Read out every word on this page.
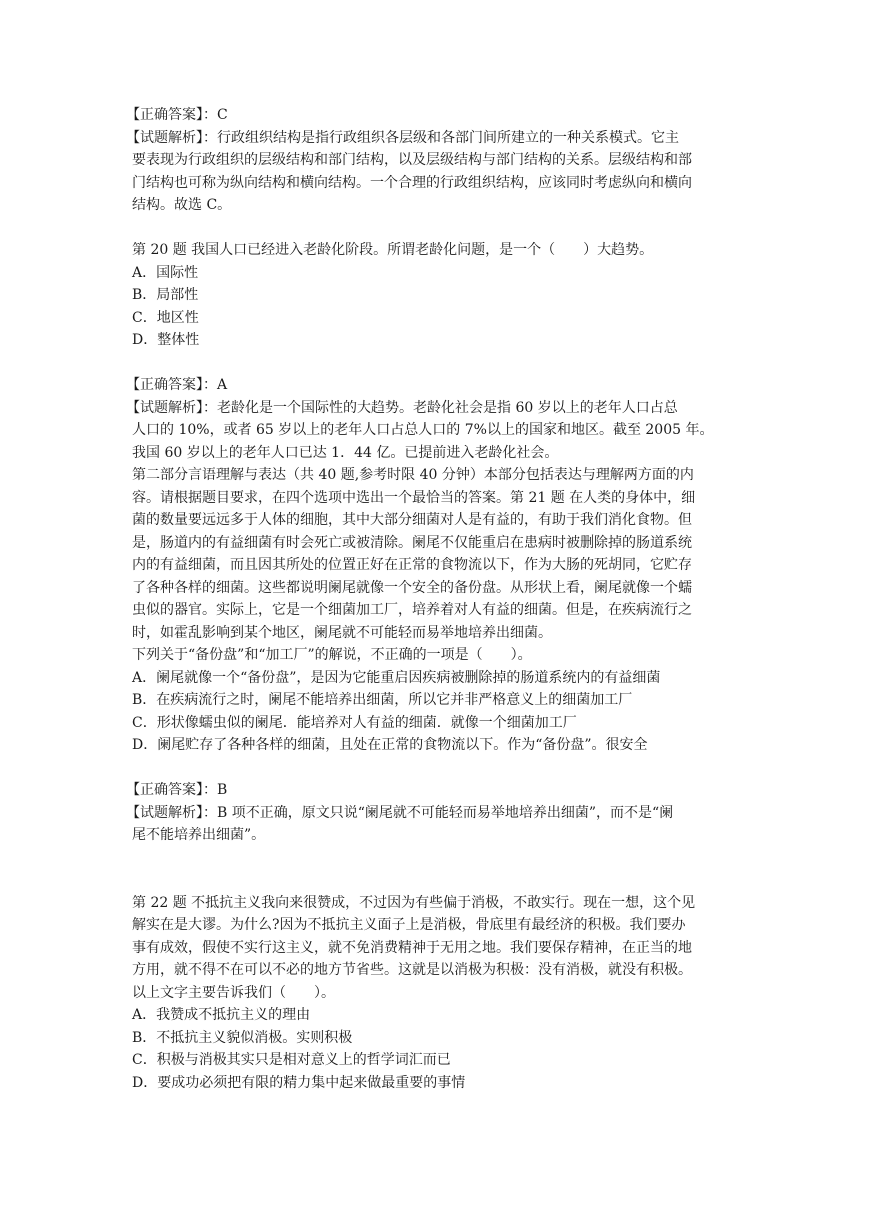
【正确答案】：C
【试题解析】：行政组织结构是指行政组织各层级和各部门间所建立的一种关系模式。它主
要表现为行政组织的层级结构和部门结构，以及层级结构与部门结构的关系。层级结构和部
门结构也可称为纵向结构和横向结构。一个合理的行政组织结构，应该同时考虑纵向和横向
结构。故选 C。
第 20 题 我国人口已经进入老龄化阶段。所谓老龄化问题，是一个（　　）大趋势。
A．国际性
B．局部性
C．地区性
D．整体性
【正确答案】：A
【试题解析】：老龄化是一个国际性的大趋势。老龄化社会是指 60 岁以上的老年人口占总
人口的 10%，或者 65 岁以上的老年人口占总人口的 7%以上的国家和地区。截至 2005 年。
我国 60 岁以上的老年人口已达 1．44 亿。已提前进入老龄化社会。
第二部分言语理解与表达（共 40 题,参考时限 40 分钟）本部分包括表达与理解两方面的内
容。请根据题目要求，在四个选项中选出一个最恰当的答案。第 21 题 在人类的身体中，细
菌的数量要远远多于人体的细胞，其中大部分细菌对人是有益的，有助于我们消化食物。但
是，肠道内的有益细菌有时会死亡或被清除。阑尾不仅能重启在患病时被删除掉的肠道系统
内的有益细菌，而且因其所处的位置正好在正常的食物流以下，作为大肠的死胡同，它贮存
了各种各样的细菌。这些都说明阑尾就像一个安全的备份盘。从形状上看，阑尾就像一个蠕
虫似的器官。实际上，它是一个细菌加工厂，培养着对人有益的细菌。但是，在疾病流行之
时，如霍乱影响到某个地区，阑尾就不可能轻而易举地培养出细菌。
下列关于“备份盘”和“加工厂”的解说，不正确的一项是（　　）。
A．阑尾就像一个“备份盘”，是因为它能重启因疾病被删除掉的肠道系统内的有益细菌
B．在疾病流行之时，阑尾不能培养出细菌，所以它并非严格意义上的细菌加工厂
C．形状像蠕虫似的阑尾．能培养对人有益的细菌．就像一个细菌加工厂
D．阑尾贮存了各种各样的细菌，且处在正常的食物流以下。作为“备份盘”。很安全
【正确答案】：B
【试题解析】：B 项不正确，原文只说“阑尾就不可能轻而易举地培养出细菌”，而不是“阑
尾不能培养出细菌”。
第 22 题 不抵抗主义我向来很赞成，不过因为有些偏于消极，不敢实行。现在一想，这个见
解实在是大谬。为什么?因为不抵抗主义面子上是消极，骨底里有最经济的积极。我们要办
事有成效，假使不实行这主义，就不免消费精神于无用之地。我们要保存精神，在正当的地
方用，就不得不在可以不必的地方节省些。这就是以消极为积极：没有消极，就没有积极。
以上文字主要告诉我们（　　）。
A．我赞成不抵抗主义的理由
B．不抵抗主义貌似消极。实则积极
C．积极与消极其实只是相对意义上的哲学词汇而已
D．要成功必须把有限的精力集中起来做最重要的事情
